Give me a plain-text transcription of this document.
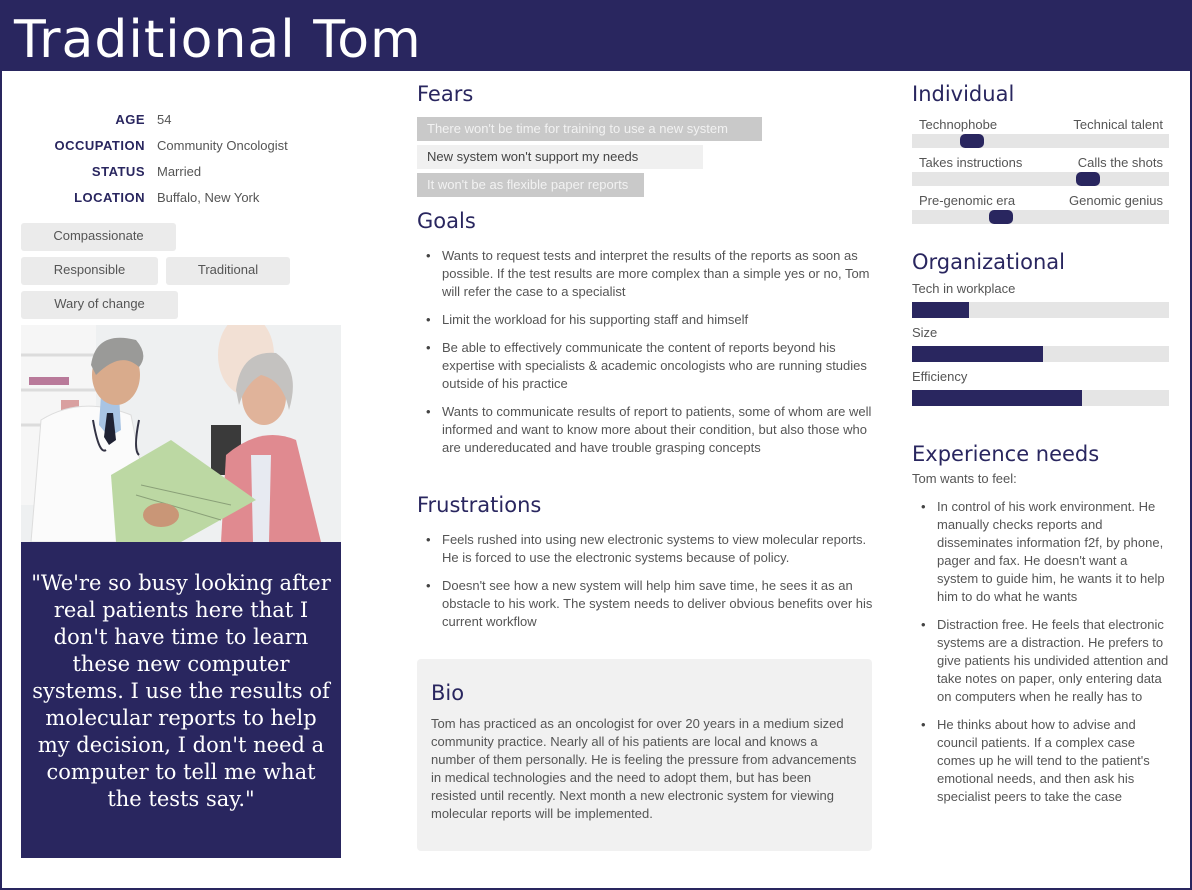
Traditional Tom
AGE 54
OCCUPATION Community Oncologist
STATUS Married
LOCATION Buffalo, New York
Compassionate
Responsible	Traditional
Wary of change
"We're so busy looking after real patients here that I don't have time to learn these new computer systems. I use the results of molecular reports to help my decision, I don't need a computer to tell me what the tests say."
Fears
There won't be time for training to use a new system
New system won't support my needs
It won't be as flexible paper reports
Goals
• Wants to request tests and interpret the results of the reports as soon as possible. If the test results are more complex than a simple yes or no, Tom will refer the case to a specialist
• Limit the workload for his supporting staff and himself
• Be able to effectively communicate the content of reports beyond his expertise with specialists & academic oncologists who are running studies outside of his practice
• Wants to communicate results of report to patients, some of whom are well informed and want to know more about their condition, but also those who are undereducated and have trouble grasping concepts
Frustrations
• Feels rushed into using new electronic systems to view molecular reports. He is forced to use the electronic systems because of policy.
• Doesn't see how a new system will help him save time, he sees it as an obstacle to his work. The system needs to deliver obvious benefits over his current workflow
Bio

Tom has practiced as an oncologist for over 20 years in a medium sized community practice. Nearly all of his patients are local and knows a number of them personally. He is feeling the pressure from advancements in medical technologies and the need to adopt them, but has been resisted until recently. Next month a new electronic system for viewing molecular reports will be implemented.

Individual
Technophobe	Technical talent
Takes instructions	Calls the shots
Pre-genomic era	Genomic genius
Organizational
Tech in workplace
Size
Efficiency
Experience needs

Tom wants to feel:

• In control of his work environment. He manually checks reports and disseminates information f2f, by phone, pager and fax. He doesn't want a system to guide him, he wants it to help him to do what he wants
• Distraction free. He feels that electronic systems are a distraction. He prefers to give patients his undivided attention and take notes on paper, only entering data on computers when he really has to
• He thinks about how to advise and council patients. If a complex case comes up he will tend to the patient's emotional needs, and then ask his specialist peers to take the case
